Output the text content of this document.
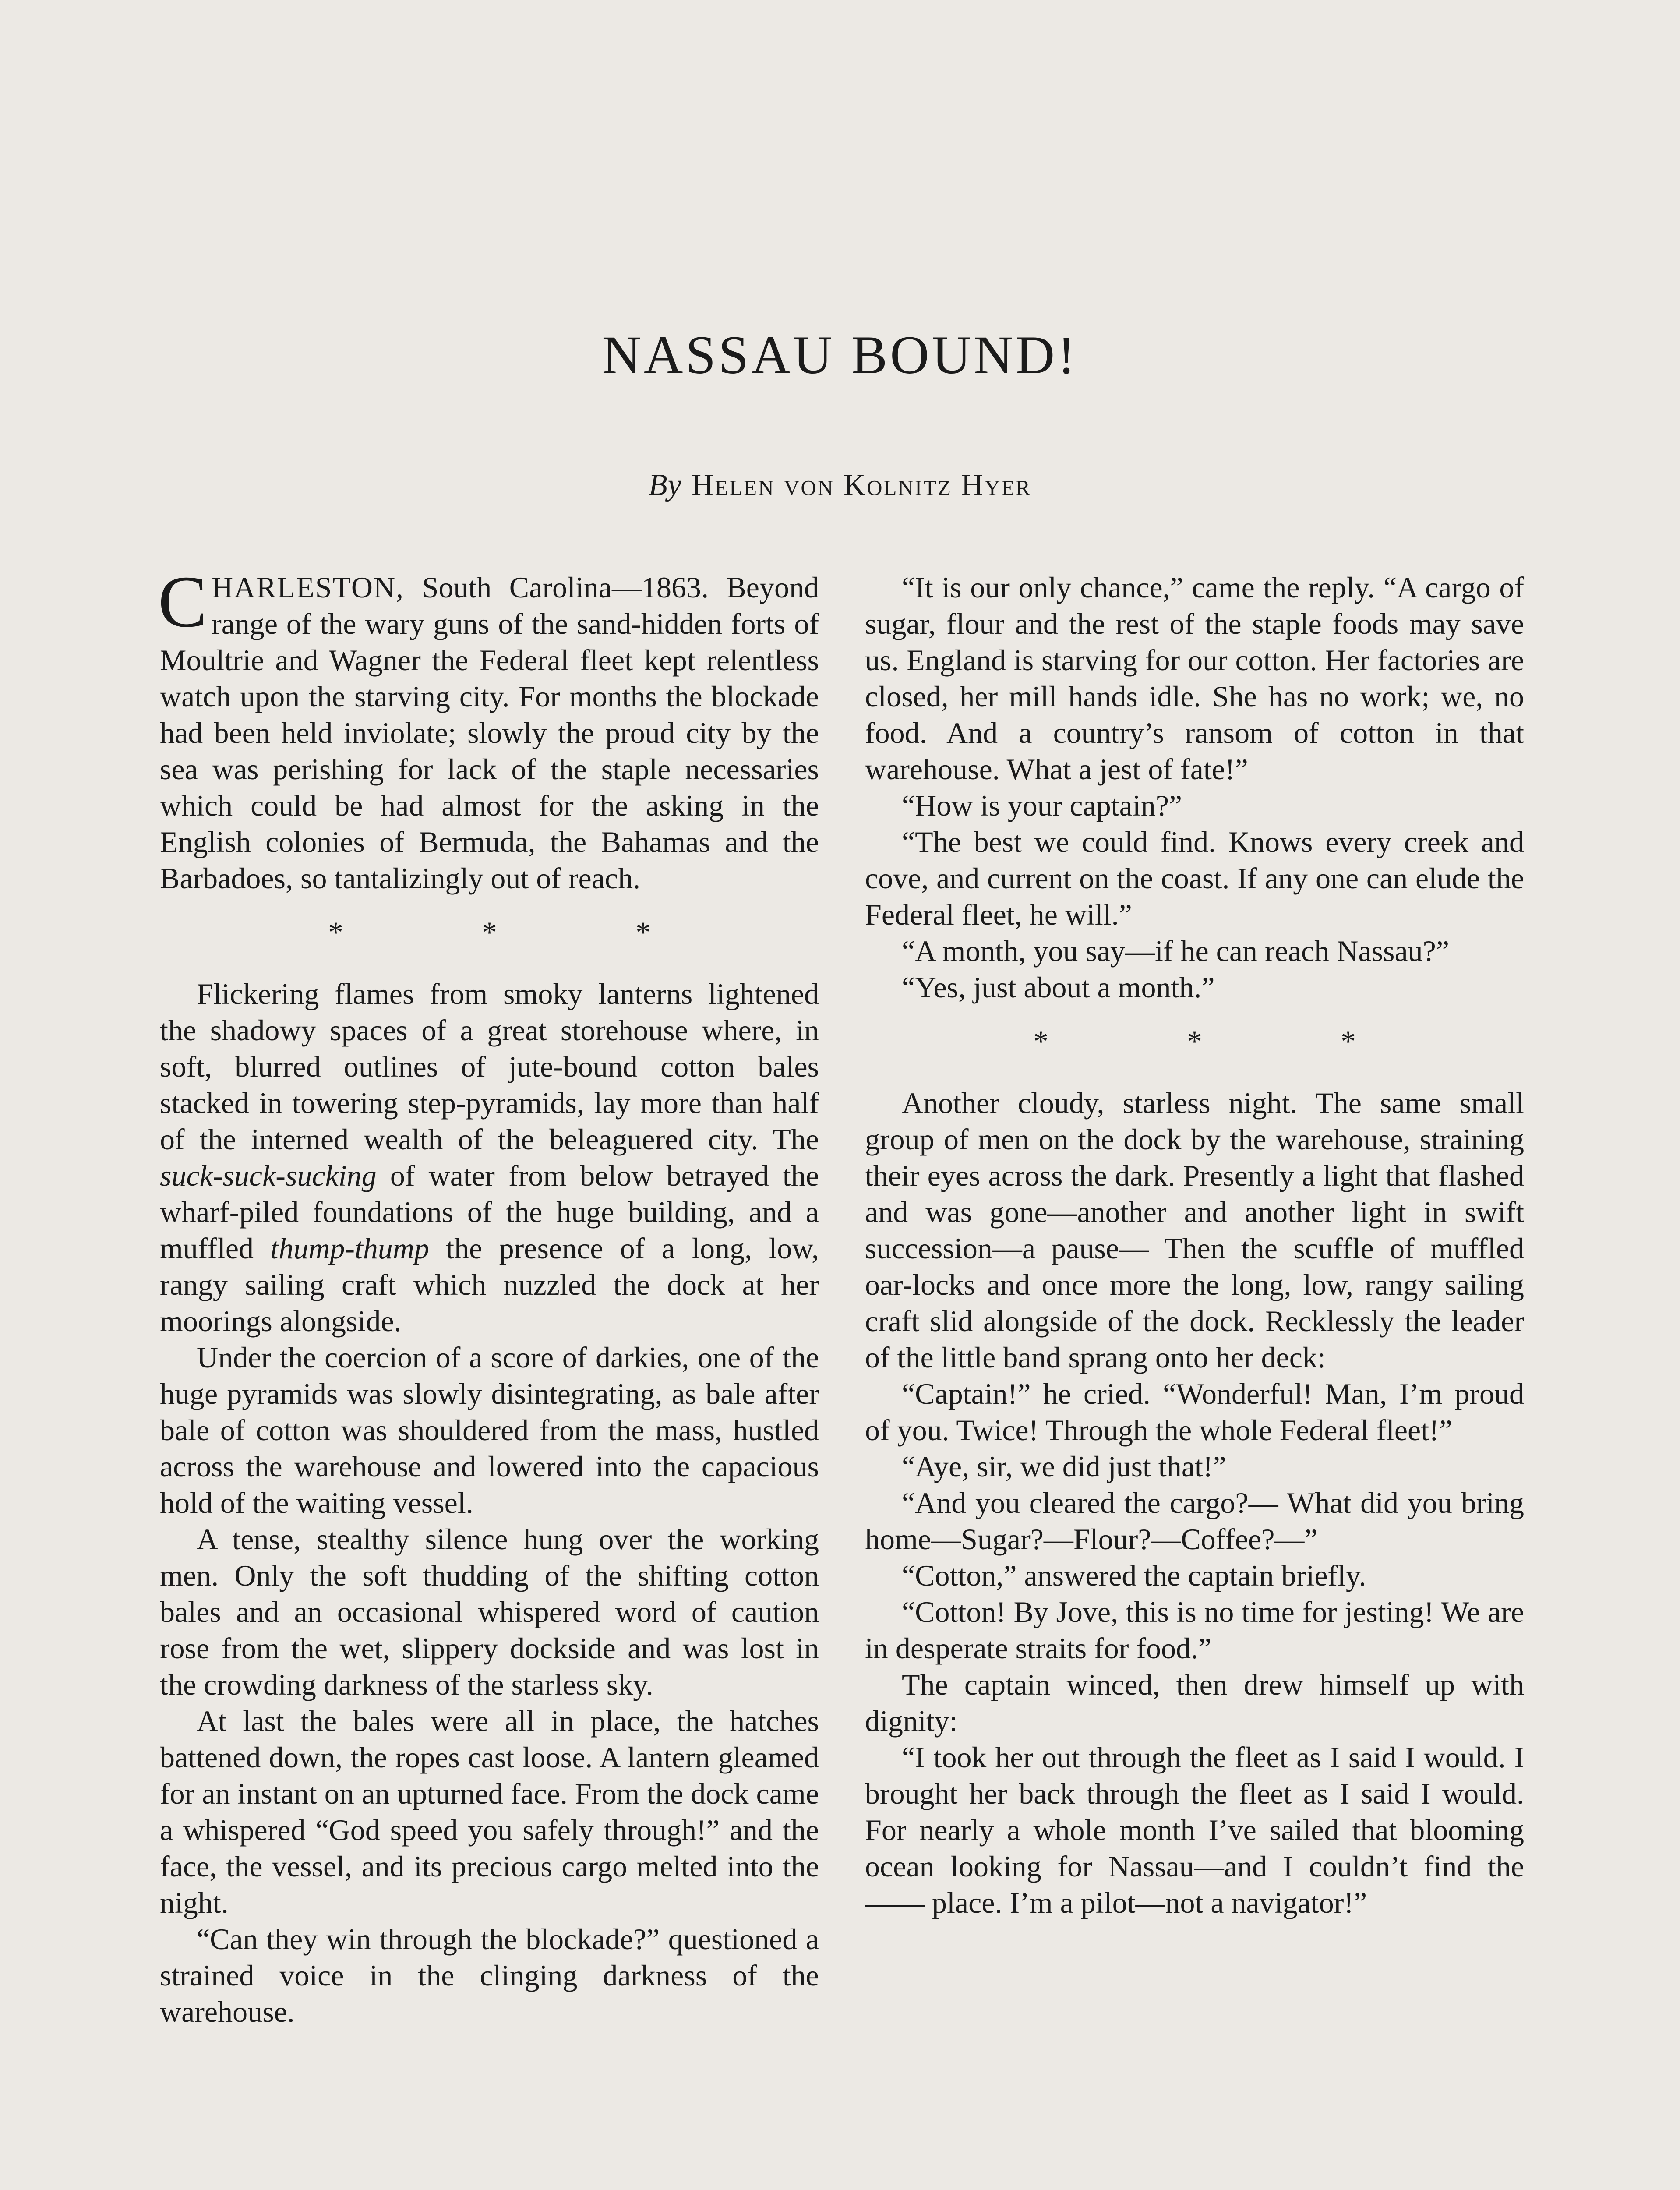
NASSAU BOUND!
By Helen von Kolnitz Hyer

CHARLESTON, South Carolina—1863. Beyond range of the wary guns of the sand-hidden forts of Moultrie and Wagner the Federal fleet kept relentless watch upon the starving city. For months the blockade had been held inviolate; slowly the proud city by the sea was perishing for lack of the staple necessaries which could be had almost for the asking in the English colonies of Bermuda, the Bahamas and the Barbadoes, so tantalizingly out of reach.

* * *

Flickering flames from smoky lanterns lightened the shadowy spaces of a great storehouse where, in soft, blurred outlines of jute-bound cotton bales stacked in towering step-pyramids, lay more than half of the interned wealth of the beleaguered city. The suck-suck-sucking of water from below betrayed the wharf-piled foundations of the huge building, and a muffled thump-thump the presence of a long, low, rangy sailing craft which nuzzled the dock at her moorings alongside.

Under the coercion of a score of darkies, one of the huge pyramids was slowly disintegrating, as bale after bale of cotton was shouldered from the mass, hustled across the warehouse and lowered into the capacious hold of the waiting vessel.

A tense, stealthy silence hung over the working men. Only the soft thudding of the shifting cotton bales and an occasional whispered word of caution rose from the wet, slippery dockside and was lost in the crowding darkness of the starless sky.

At last the bales were all in place, the hatches battened down, the ropes cast loose. A lantern gleamed for an instant on an upturned face. From the dock came a whispered “God speed you safely through!” and the face, the vessel, and its precious cargo melted into the night.

“Can they win through the blockade?” questioned a strained voice in the clinging darkness of the warehouse.

“It is our only chance,” came the reply. “A cargo of sugar, flour and the rest of the staple foods may save us. England is starving for our cotton. Her factories are closed, her mill hands idle. She has no work; we, no food. And a country’s ransom of cotton in that warehouse. What a jest of fate!”

“How is your captain?”

“The best we could find. Knows every creek and cove, and current on the coast. If any one can elude the Federal fleet, he will.”

“A month, you say—if he can reach Nassau?”

“Yes, just about a month.”

* * *

Another cloudy, starless night. The same small group of men on the dock by the warehouse, straining their eyes across the dark. Presently a light that flashed and was gone—another and another light in swift succession—a pause— Then the scuffle of muffled oar-locks and once more the long, low, rangy sailing craft slid alongside of the dock. Recklessly the leader of the little band sprang onto her deck:

“Captain!” he cried. “Wonderful! Man, I’m proud of you. Twice! Through the whole Federal fleet!”

“Aye, sir, we did just that!”

“And you cleared the cargo?— What did you bring home—Sugar?—Flour?—Coffee?—”

“Cotton,” answered the captain briefly.

“Cotton! By Jove, this is no time for jesting! We are in desperate straits for food.”

The captain winced, then drew himself up with dignity:

“I took her out through the fleet as I said I would. I brought her back through the fleet as I said I would. For nearly a whole month I’ve sailed that blooming ocean looking for Nassau—and I couldn’t find the —— place. I’m a pilot—not a navigator!”
